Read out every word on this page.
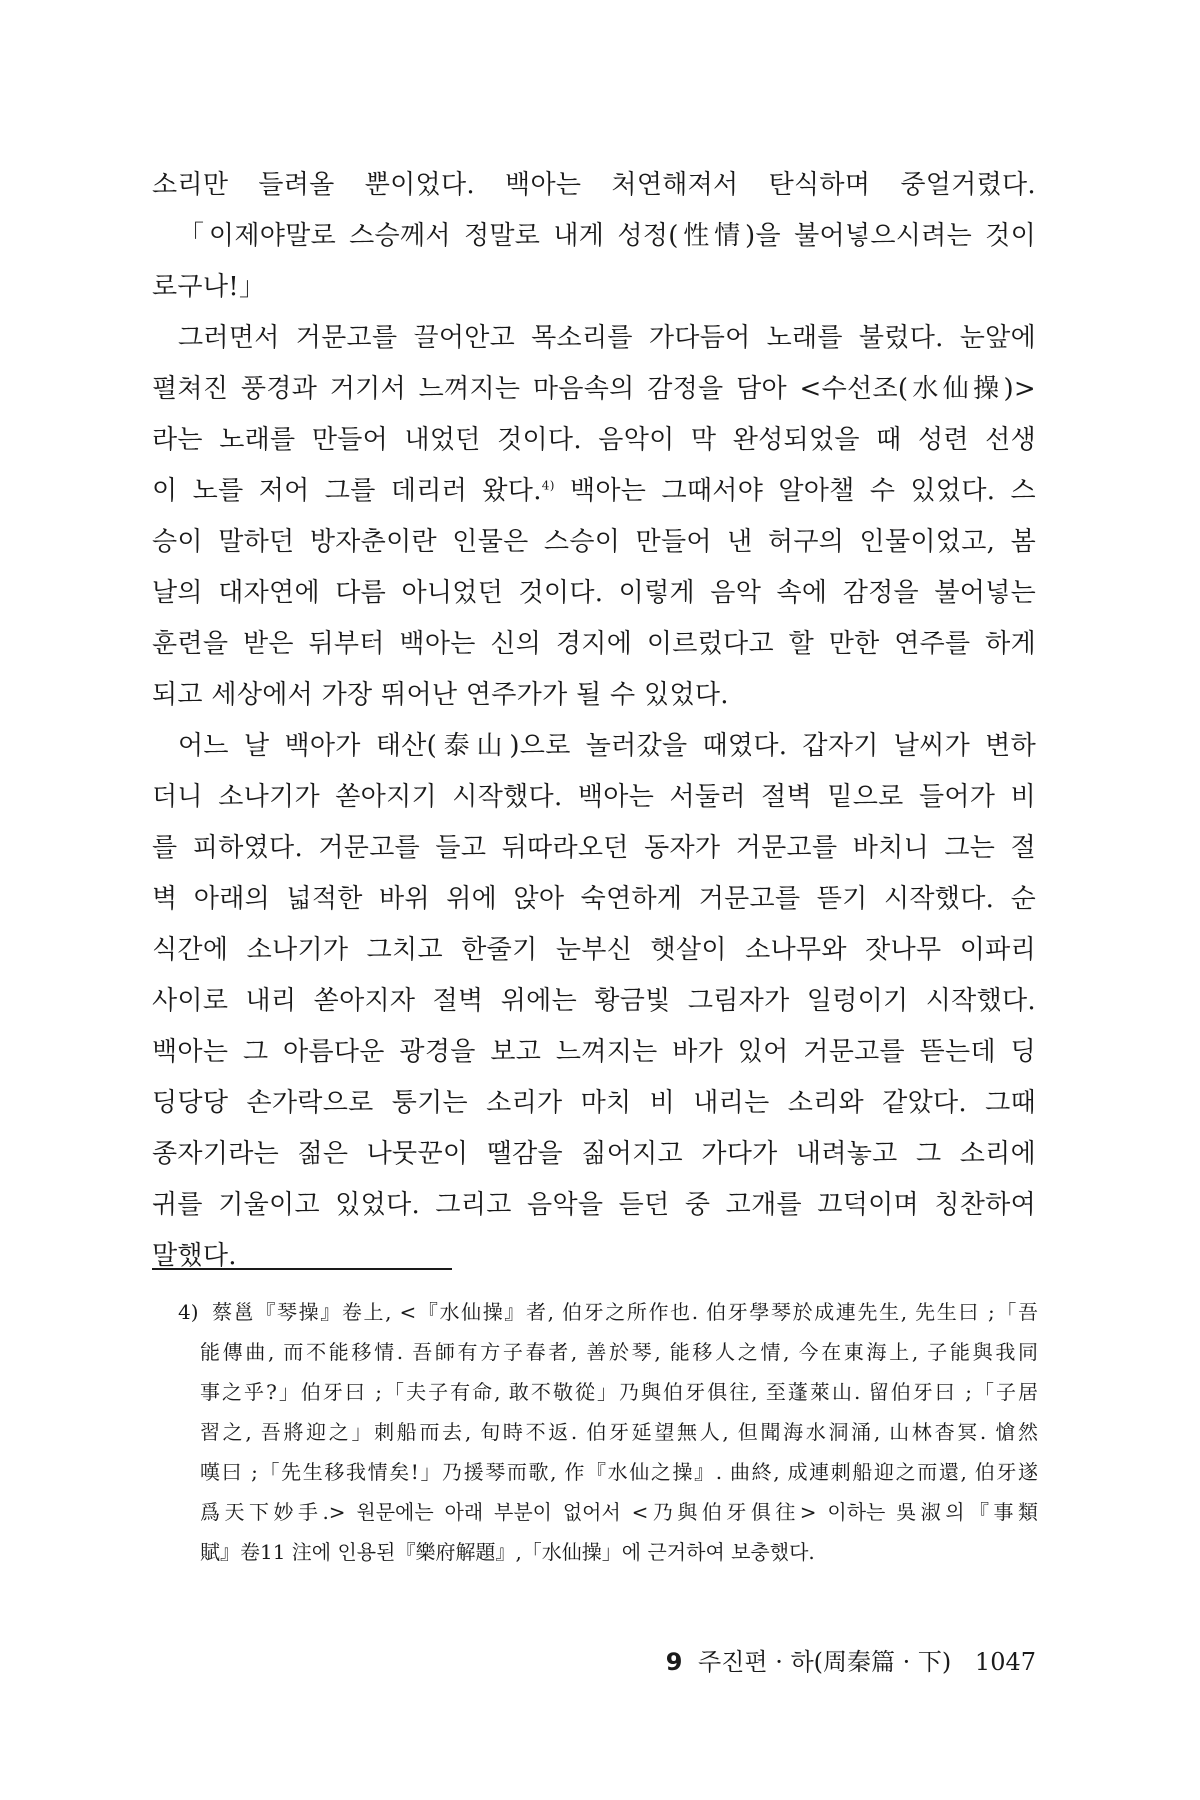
소리만 들려올 뿐이었다. 백아는 처연해져서 탄식하며 중얼거렸다.
「이제야말로 스승께서 정말로 내게 성정(性情)을 불어넣으시려는 것이
로구나!」
그러면서 거문고를 끌어안고 목소리를 가다듬어 노래를 불렀다. 눈앞에
펼쳐진 풍경과 거기서 느껴지는 마음속의 감정을 담아 <수선조(水仙操)>
라는 노래를 만들어 내었던 것이다. 음악이 막 완성되었을 때 성련 선생
이 노를 저어 그를 데리러 왔다.$^{4)}$ 백아는 그때서야 알아챌 수 있었다. 스
승이 말하던 방자춘이란 인물은 스승이 만들어 낸 허구의 인물이었고, 봄
날의 대자연에 다름 아니었던 것이다. 이렇게 음악 속에 감정을 불어넣는
훈련을 받은 뒤부터 백아는 신의 경지에 이르렀다고 할 만한 연주를 하게
되고 세상에서 가장 뛰어난 연주가가 될 수 있었다.
어느 날 백아가 태산(泰山)으로 놀러갔을 때였다. 갑자기 날씨가 변하
더니 소나기가 쏟아지기 시작했다. 백아는 서둘러 절벽 밑으로 들어가 비
를 피하였다. 거문고를 들고 뒤따라오던 동자가 거문고를 바치니 그는 절
벽 아래의 넓적한 바위 위에 앉아 숙연하게 거문고를 뜯기 시작했다. 순
식간에 소나기가 그치고 한줄기 눈부신 햇살이 소나무와 잣나무 이파리
사이로 내리 쏟아지자 절벽 위에는 황금빛 그림자가 일렁이기 시작했다.
백아는 그 아름다운 광경을 보고 느껴지는 바가 있어 거문고를 뜯는데 딩
딩당당 손가락으로 퉁기는 소리가 마치 비 내리는 소리와 같았다. 그때
종자기라는 젊은 나뭇꾼이 땔감을 짊어지고 가다가 내려놓고 그 소리에
귀를 기울이고 있었다. 그리고 음악을 듣던 중 고개를 끄덕이며 칭찬하여
말했다.
4) 蔡邕『琴操』卷上, <『水仙操』者, 伯牙之所作也. 伯牙學琴於成連先生, 先生曰 ;「吾
能傳曲, 而不能移情. 吾師有方子春者, 善於琴, 能移人之情, 今在東海上, 子能與我同
事之乎?」伯牙曰 ;「夫子有命, 敢不敬從」乃與伯牙俱往, 至蓬萊山. 留伯牙曰 ;「子居
習之, 吾將迎之」刺船而去, 旬時不返. 伯牙延望無人, 但聞海水洞涌, 山林杳冥. 愴然
嘆曰 ;「先生移我情矣!」乃援琴而歌, 作『水仙之操』. 曲終, 成連刺船迎之而還, 伯牙遂
爲天下妙手.> 원문에는 아래 부분이 없어서 <乃與伯牙俱往> 이하는 吳淑의『事類
賦』卷11 注에 인용된『樂府解題』,「水仙操」에 근거하여 보충했다.
9 주진편 · 하(周秦篇 · 下) 1047
